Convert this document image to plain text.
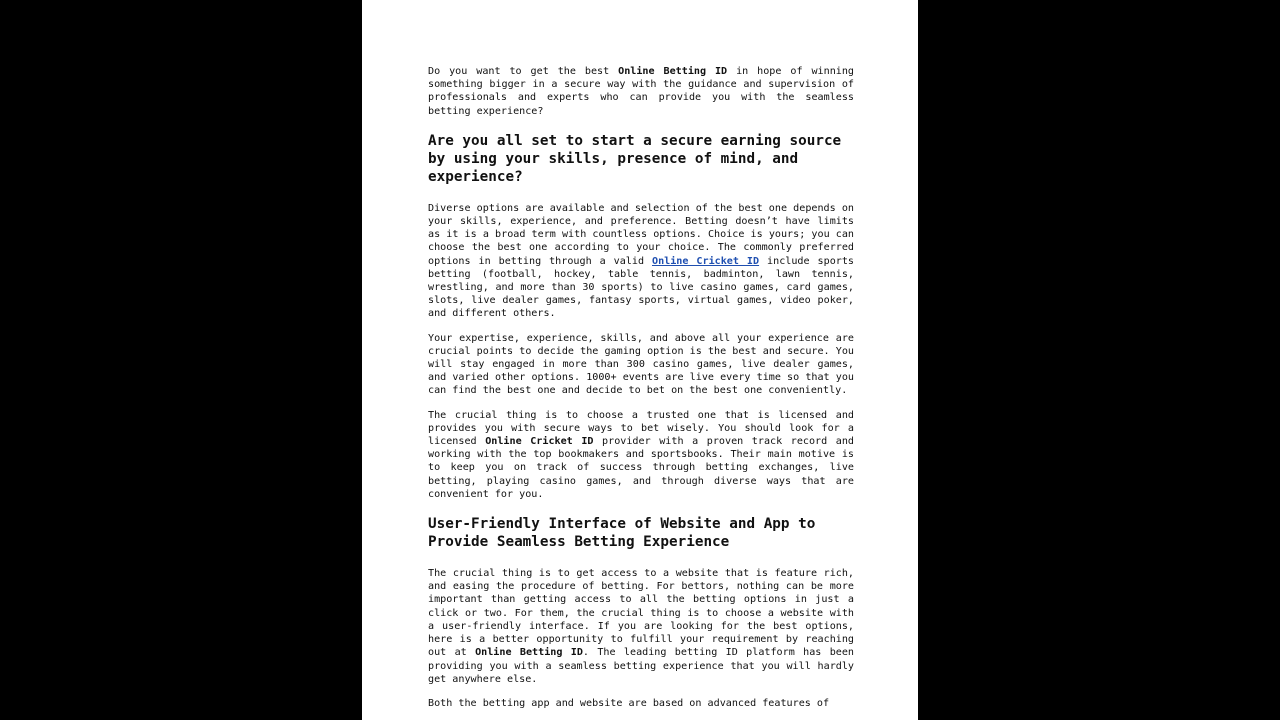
Do you want to get the best Online Betting ID in hope of winning something bigger in a secure way with the guidance and supervision of professionals and experts who can provide you with the seamless betting experience?

Are you all set to start a secure earning source by using your skills, presence of mind, and experience?

Diverse options are available and selection of the best one depends on your skills, experience, and preference. Betting doesn’t have limits as it is a broad term with countless options. Choice is yours; you can choose the best one according to your choice. The commonly preferred options in betting through a valid Online Cricket ID include sports betting (football, hockey, table tennis, badminton, lawn tennis, wrestling, and more than 30 sports) to live casino games, card games, slots, live dealer games, fantasy sports, virtual games, video poker, and different others.

Your expertise, experience, skills, and above all your experience are crucial points to decide the gaming option is the best and secure. You will stay engaged in more than 300 casino games, live dealer games, and varied other options. 1000+ events are live every time so that you can find the best one and decide to bet on the best one conveniently.

The crucial thing is to choose a trusted one that is licensed and provides you with secure ways to bet wisely. You should look for a licensed Online Cricket ID provider with a proven track record and working with the top bookmakers and sportsbooks. Their main motive is to keep you on track of success through betting exchanges, live betting, playing casino games, and through diverse ways that are convenient for you.

User-Friendly Interface of Website and App to Provide Seamless Betting Experience

The crucial thing is to get access to a website that is feature rich, and easing the procedure of betting. For bettors, nothing can be more important than getting access to all the betting options in just a click or two. For them, the crucial thing is to choose a website with a user-friendly interface. If you are looking for the best options, here is a better opportunity to fulfill your requirement by reaching out at Online Betting ID. The leading betting ID platform has been providing you with a seamless betting experience that you will hardly get anywhere else.

Both the betting app and website are based on advanced features of
